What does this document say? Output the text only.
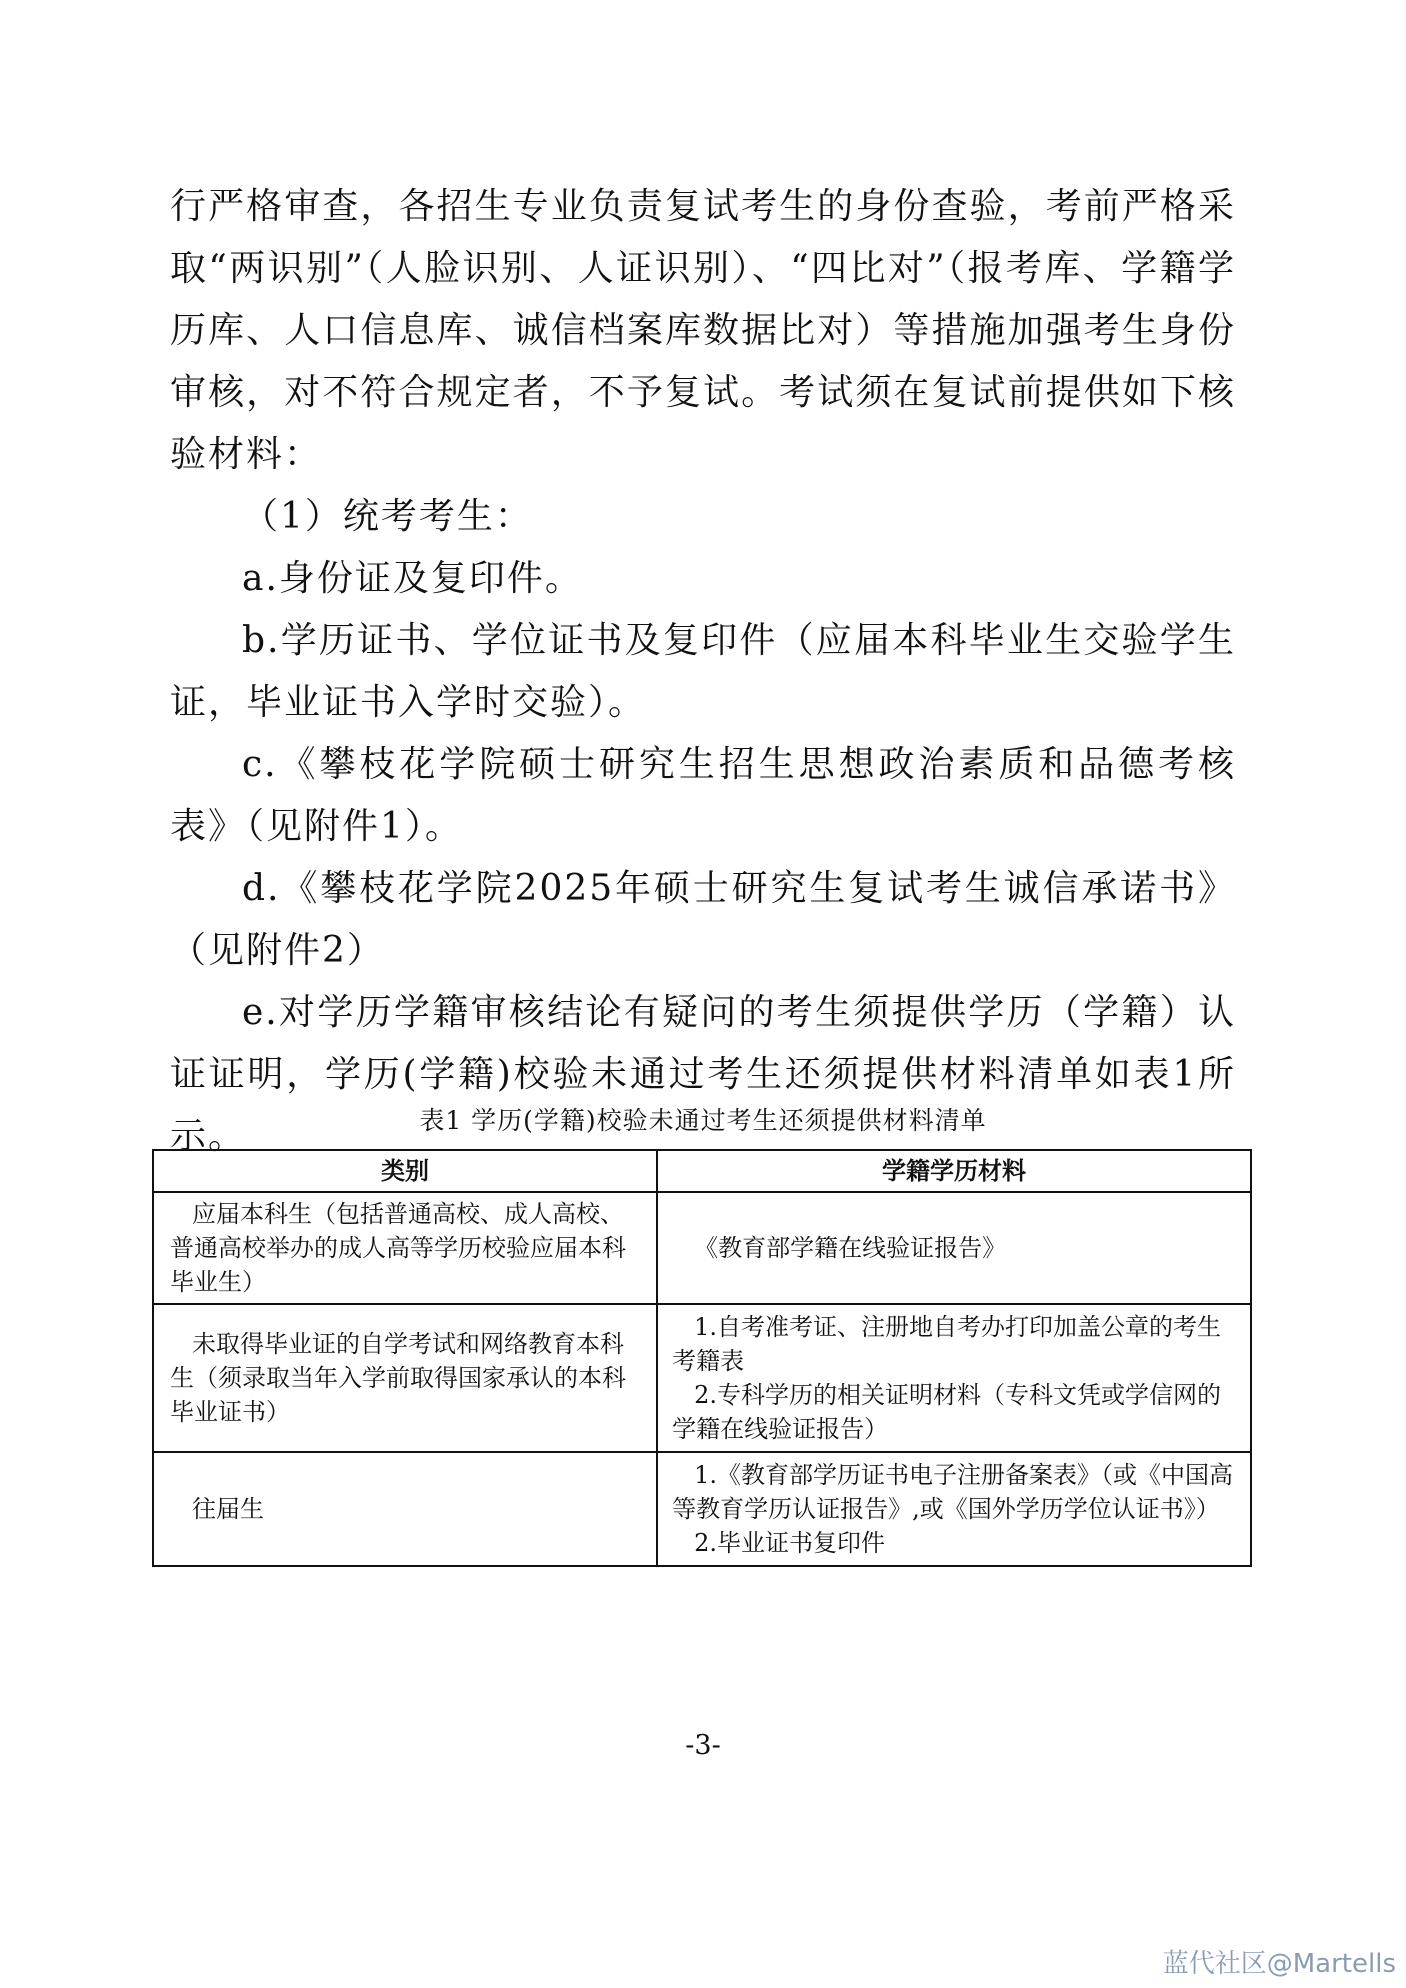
行严格审查，各招生专业负责复试考生的身份查验，考前严格采取“两识别”（人脸识别、人证识别）、“四比对”（报考库、学籍学历库、人口信息库、诚信档案库数据比对）等措施加强考生身份审核，对不符合规定者，不予复试。考试须在复试前提供如下核验材料：

（1）统考考生：

a.身份证及复印件。

b.学历证书、学位证书及复印件（应届本科毕业生交验学生证，毕业证书入学时交验）。

c.《攀枝花学院硕士研究生招生思想政治素质和品德考核表》（见附件1）。

d.《攀枝花学院2025年硕士研究生复试考生诚信承诺书》（见附件2）

e.对学历学籍审核结论有疑问的考生须提供学历（学籍）认证证明，学历(学籍)校验未通过考生还须提供材料清单如表1所示。	表1 学历(学籍)校验未通过考生还须提供材料清单
类别	学籍学历材料

应届本科生（包括普通高校、成人高校、普通高校举办的成人高等学历校验应届本科毕业生）	《教育部学籍在线验证报告》

未取得毕业证的自学考试和网络教育本科生（须录取当年入学前取得国家承认的本科毕业证书）	1.自考准考证、注册地自考办打印加盖公章的考生考籍表
2.专科学历的相关证明材料（专科文凭或学信网的学籍在线验证报告）

往届生	1.《教育部学历证书电子注册备案表》（或《中国高等教育学历认证报告》,或《国外学历学位认证书》）
2.毕业证书复印件
-3-
蓝代社区@Martells
